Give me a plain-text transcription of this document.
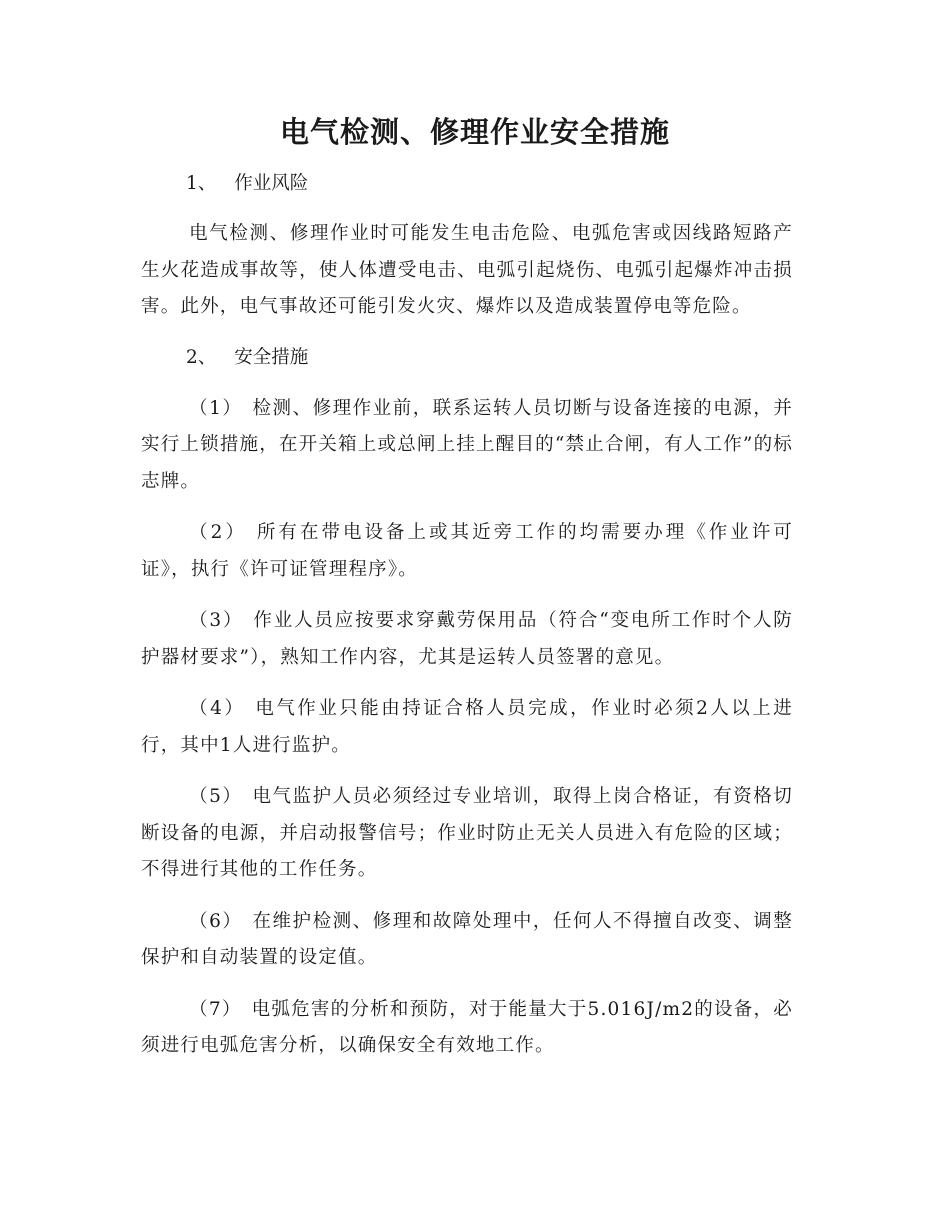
电气检测、修理作业安全措施

1、 作业风险

电气检测、修理作业时可能发生电击危险、电弧危害或因线路短路产生火花造成事故等，使人体遭受电击、电弧引起烧伤、电弧引起爆炸冲击损害。此外，电气事故还可能引发火灾、爆炸以及造成装置停电等危险。

2、 安全措施

（1） 检测、修理作业前，联系运转人员切断与设备连接的电源，并实行上锁措施，在开关箱上或总闸上挂上醒目的“禁止合闸，有人工作”的标志牌。

（2） 所有在带电设备上或其近旁工作的均需要办理《作业许可证》，执行《许可证管理程序》。

（3） 作业人员应按要求穿戴劳保用品（符合“变电所工作时个人防护器材要求”），熟知工作内容，尤其是运转人员签署的意见。

（4） 电气作业只能由持证合格人员完成，作业时必须2人以上进行，其中1人进行监护。

（5） 电气监护人员必须经过专业培训，取得上岗合格证，有资格切断设备的电源，并启动报警信号；作业时防止无关人员进入有危险的区域；不得进行其他的工作任务。

（6） 在维护检测、修理和故障处理中，任何人不得擅自改变、调整保护和自动装置的设定值。

（7） 电弧危害的分析和预防，对于能量大于5.016J/m2的设备，必须进行电弧危害分析，以确保安全有效地工作。
